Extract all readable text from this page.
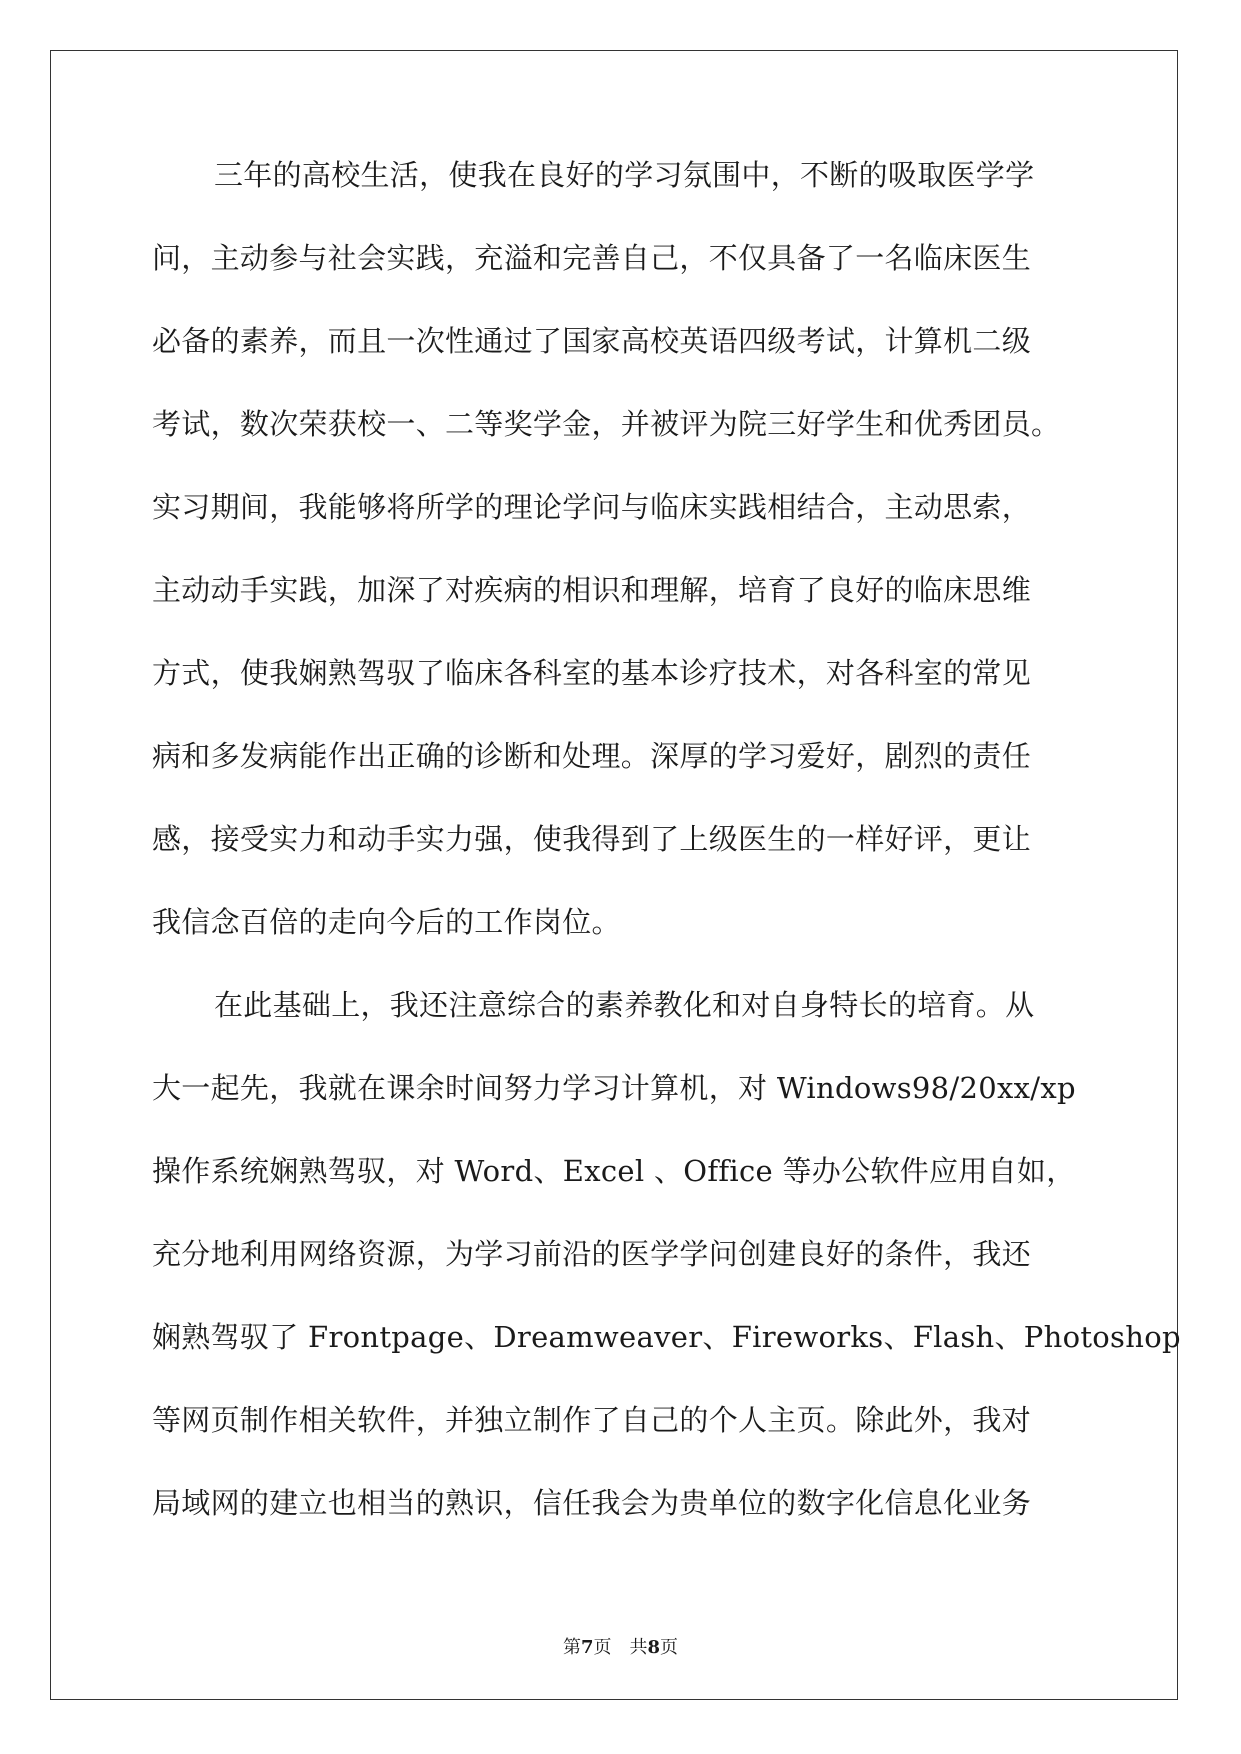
三年的高校生活，使我在良好的学习氛围中，不断的吸取医学学
问，主动参与社会实践，充溢和完善自己，不仅具备了一名临床医生
必备的素养，而且一次性通过了国家高校英语四级考试，计算机二级
考试，数次荣获校一、二等奖学金，并被评为院三好学生和优秀团员。
实习期间，我能够将所学的理论学问与临床实践相结合，主动思索，
主动动手实践，加深了对疾病的相识和理解，培育了良好的临床思维
方式，使我娴熟驾驭了临床各科室的基本诊疗技术，对各科室的常见
病和多发病能作出正确的诊断和处理。深厚的学习爱好，剧烈的责任
感，接受实力和动手实力强，使我得到了上级医生的一样好评，更让
我信念百倍的走向今后的工作岗位。
在此基础上，我还注意综合的素养教化和对自身特长的培育。从
大一起先，我就在课余时间努力学习计算机，对 Windows98/20xx/xp
操作系统娴熟驾驭，对 Word、Excel 、Office 等办公软件应用自如，
充分地利用网络资源，为学习前沿的医学学问创建良好的条件，我还
娴熟驾驭了 Frontpage、Dreamweaver、Fireworks、Flash、Photoshop
等网页制作相关软件，并独立制作了自己的个人主页。除此外，我对
局域网的建立也相当的熟识，信任我会为贵单位的数字化信息化业务
第7页 共8页
